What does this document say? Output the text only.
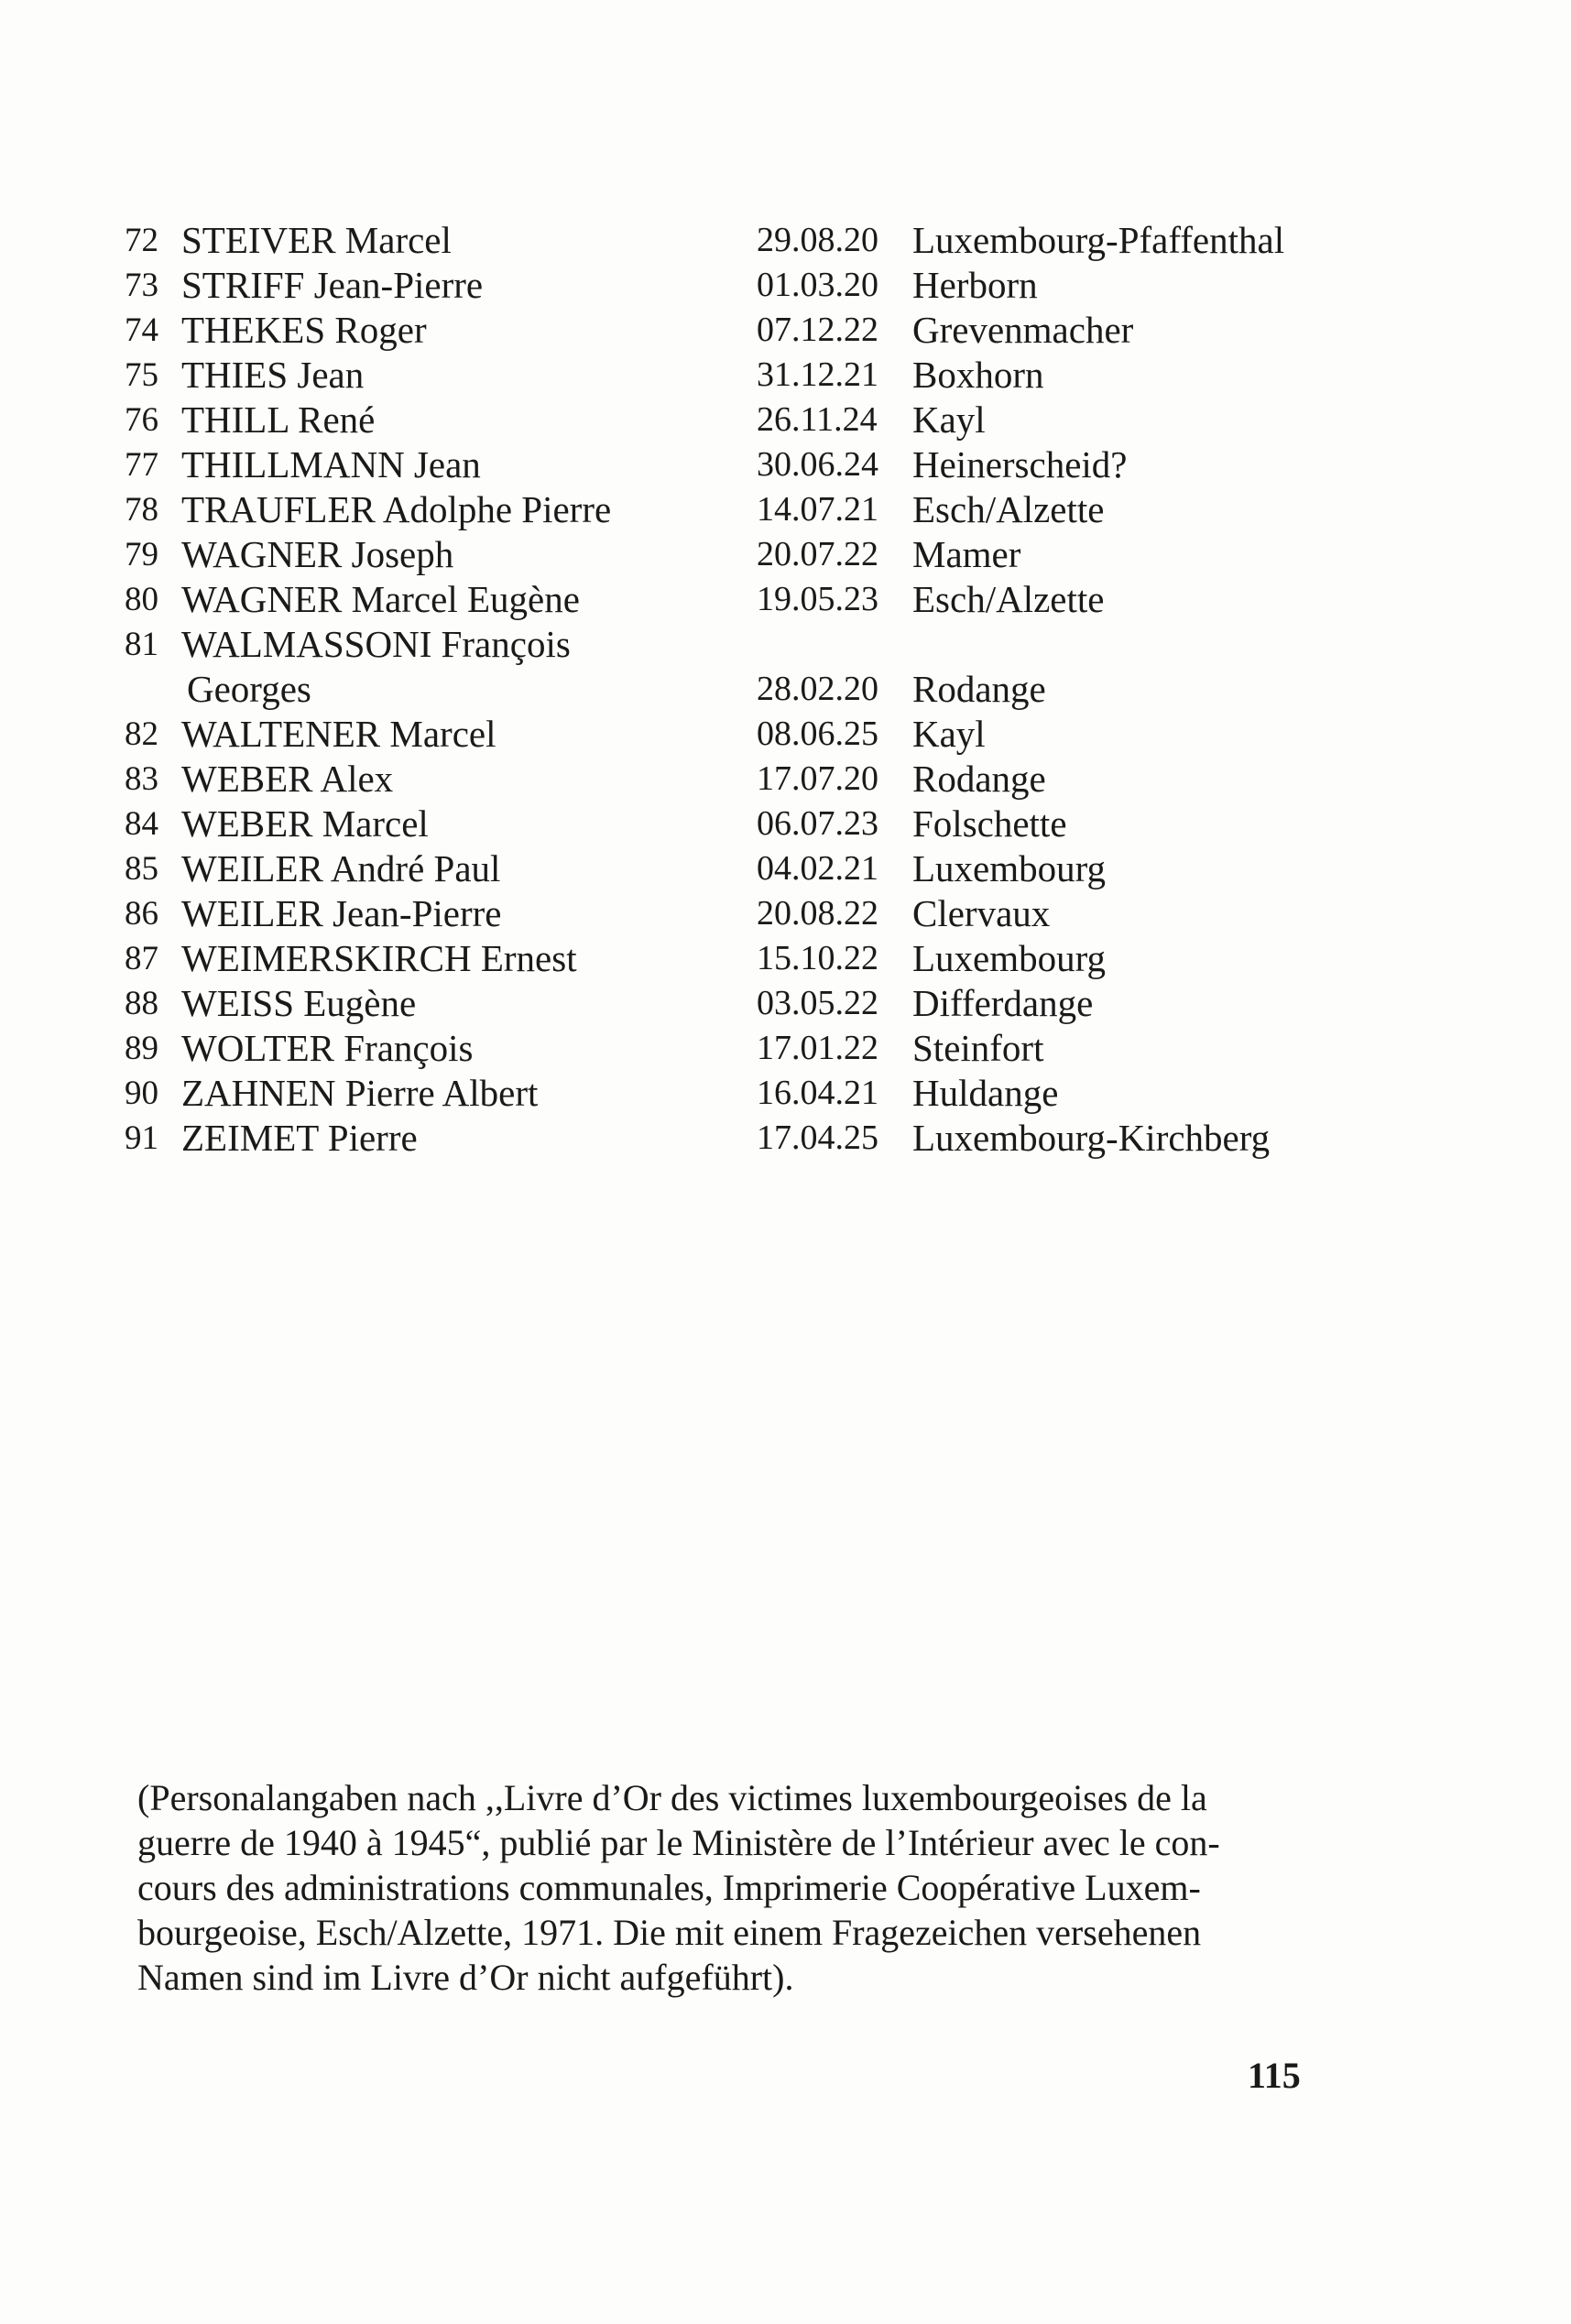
72 STEIVER Marcel	29.08.20 Luxembourg-Pfaffenthal
73 STRIFF Jean-Pierre	01.03.20 Herborn
74 THEKES Roger	07.12.22 Grevenmacher
75 THIES Jean	31.12.21 Boxhorn
76 THILL René	26.11.24 Kayl
77 THILLMANN Jean	30.06.24 Heinerscheid?
78 TRAUFLER Adolphe Pierre	14.07.21 Esch/Alzette
79 WAGNER Joseph	20.07.22 Mamer
80 WAGNER Marcel Eugène	19.05.23 Esch/Alzette
81 WALMASSONI François
Georges	28.02.20 Rodange
82 WALTENER Marcel	08.06.25 Kayl
83 WEBER Alex	17.07.20 Rodange
84 WEBER Marcel	06.07.23 Folschette
85 WEILER André Paul	04.02.21 Luxembourg
86 WEILER Jean-Pierre	20.08.22 Clervaux
87 WEIMERSKIRCH Ernest	15.10.22 Luxembourg
88 WEISS Eugène	03.05.22 Differdange
89 WOLTER François	17.01.22 Steinfort
90 ZAHNEN Pierre Albert	16.04.21 Huldange
91 ZEIMET Pierre	17.04.25 Luxembourg-Kirchberg

(Personalangaben nach ,,Livre d’Or des victimes luxembourgeoises de la

guerre de 1940 à 1945“, publié par le Ministère de l’Intérieur avec le con-

cours des administrations communales, Imprimerie Coopérative Luxem-

bourgeoise, Esch/Alzette, 1971. Die mit einem Fragezeichen versehenen

Namen sind im Livre d’Or nicht aufgeführt).

115
